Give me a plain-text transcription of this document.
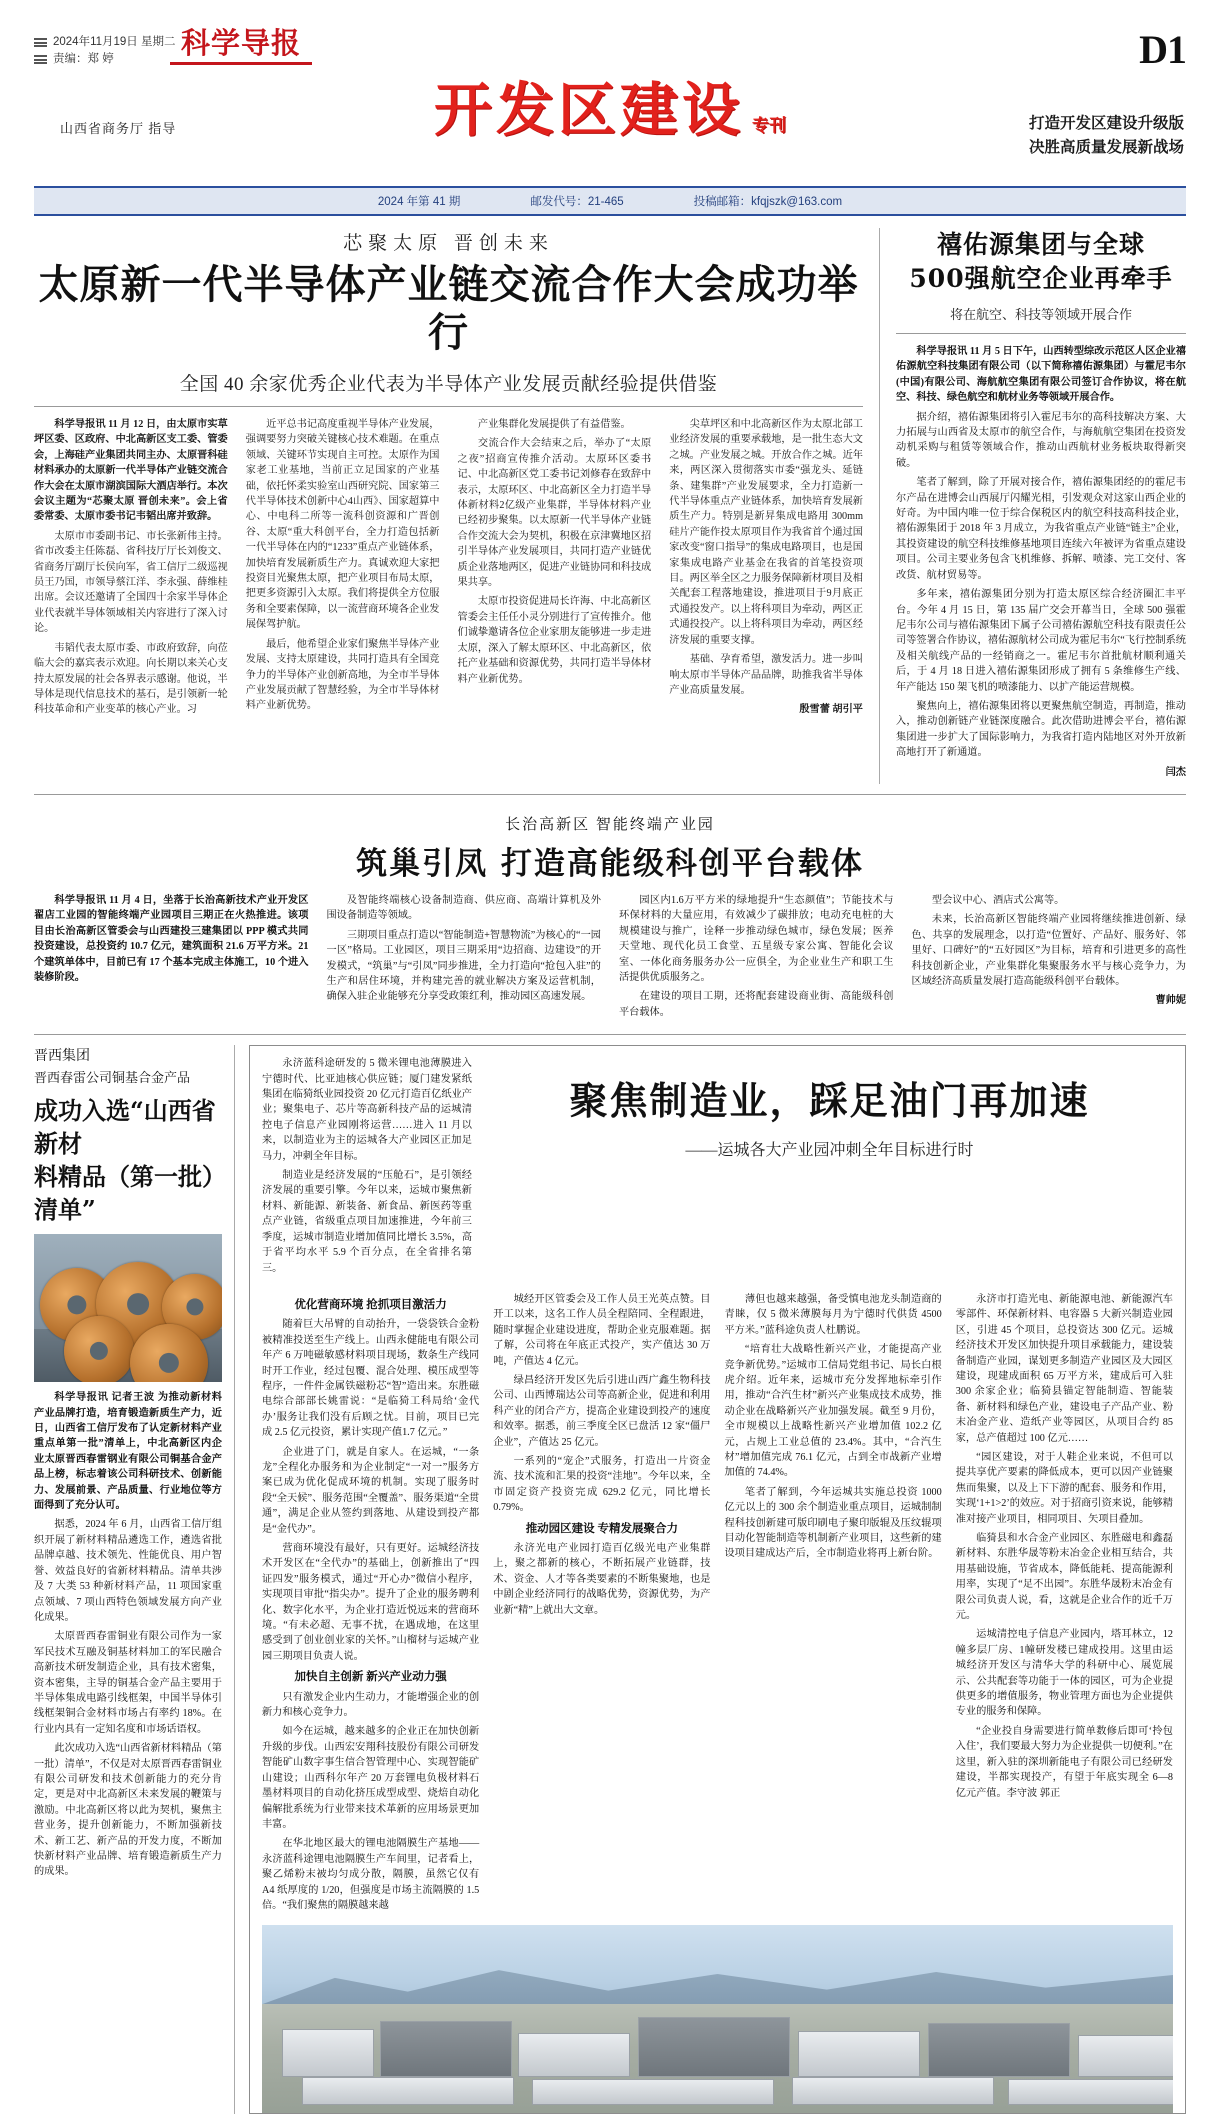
2024年11月19日 星期二
责编：郑 婷	科学导报	D1
开发区建设 专刊
山西省商务厅 指导	打造开发区建设升级版
决胜高质量发展新战场
2024 年第 41 期	邮发代号：21-465	投稿邮箱：kfqjszk@163.com
芯聚太原 晋创未来
太原新一代半导体产业链交流合作大会成功举行
全国 40 余家优秀企业代表为半导体产业发展贡献经验提供借鉴

科学导报讯 11 月 12 日，由太原市实草坪区委、区政府、中北高新区支工委、管委会，上海硅产业集团共同主办、太原晋科硅材料承办的太原新一代半导体产业链交流合作大会在太原市湖滨国际大酒店举行。本次会议主题为“芯聚太原 晋创未来”。会上省委常委、太原市委书记韦韬出席并致辞。

太原市市委副书记、市长张新伟主持。省市改委主任陈磊、省科技厅厅长刘俊文、省商务厅副厅长侯向军，省工信厅二级巡视员王乃国，市领导蔡江洋、李永强、薛维桂出席。会议还邀请了全国四十余家半导体企业代表就半导体领域相关内容进行了深入讨论。

韦韬代表太原市委、市政府致辞，向莅临大会的嘉宾表示欢迎。向长期以来关心支持太原发展的社会各界表示感谢。他说，半导体是现代信息技术的基石，是引领新一轮科技革命和产业变革的核心产业。习

近平总书记高度重视半导体产业发展，强调要努力突破关键核心技术难题。在重点领域、关键环节实现自主可控。太原作为国家老工业基地，当前正立足国家的产业基础，依托怀柔实验室山西研究院、国家第三代半导体技术创新中心4山西》、国家超算中心、中电科二所等一流科创资源和广晋创谷、太原“重大科创平台，全力打造包括新一代半导体在内的“1233”重点产业链体系，加快培育发展新质生产力。真诚欢迎大家把投资目光聚焦太原，把产业项目布局太原，把更多资源引入太原。我们将提供全方位服务和全要素保障，以一流营商环境各企业发展保驾护航。

最后，他希望企业家们聚焦半导体产业发展、支持太原建设，共同打造具有全国竞争力的半导体产业创新高地，为全市半导体产业发展贡献了智慧经验，为全市半导体材料产业新优势。

产业集群化发展提供了有益借鉴。

交流合作大会结束之后，举办了“太原之夜”招商宣传推介活动。太原环区委书记、中北高新区党工委书记刘修春在致辞中表示，太原环区、中北高新区全力打造半导体新材料2亿级产业集群，半导体材料产业已经初步聚集。以太原新一代半导体产业链合作交流大会为契机，积极在京津冀地区招引半导体产业发展项目，共同打造产业链优质企业落地两区，促进产业链协同和科技成果共享。

太原市投资促进局长许海、中北高新区管委会主任任小灵分别进行了宣传推介。他们诚挚邀请各位企业家朋友能够进一步走进太原，深入了解太原环区、中北高新区，依托产业基础和资源优势，共同打造半导体材料产业新优势。

尖草坪区和中北高新区作为太原北部工业经济发展的重要承载地，是一批生态大文之城。产业发展之城。开放合作之城。近年来，两区深入贯彻落实市委“强龙头、延链条、建集群”产业发展要求，全力打造新一代半导体重点产业链体系，加快培育发展新质生产力。特别是新昇集成电路用 300mm 硅片产能作投太原项目作为我省首个通过国家改变“窗口指导”的集成电路项目，也是国家集成电路产业基金在我省的首笔投资项目。两区举全区之力服务保障新材项目及相关配套工程落地建设，推进项目于9月底正式通投发产。以上将科项目为牵动，两区正式通投投产。以上将科项目为牵动，两区经济发展的重要支撑。

基础、孕育希望，激发活力。进一步叫响太原市半导体产品品牌，助推我省半导体产业高质量发展。

殷雪蕾 胡引平

禧佑源集团与全球
500强航空企业再牵手
将在航空、科技等领域开展合作

科学导报讯 11 月 5 日下午，山西转型综改示范区人区企业禧佑源航空科技集团有限公司（以下简称禧佑源集团）与霍尼韦尔(中国)有限公司、海航航空集团有限公司签订合作协议，将在航空、科技、绿色航空和航材业务等领域开展合作。

据介绍，禧佑源集团将引入霍尼韦尔的高科技解决方案、大力拓展与山西省及太原市的航空合作，与海航航空集团在投资发动机采购与租赁等领域合作，推动山西航材业务板块取得新突破。

笔者了解到，除了开展对接合作，禧佑源集团经的的霍尼韦尔产品在进博会山西展厅闪耀光相，引发观众对这家山西企业的好奇。为中国内唯一位于综合保税区内的航空科技高科技企业，禧佑源集团于 2018 年 3 月成立，为我省重点产业链“链主”企业，其投资建设的航空科技维修基地项目连续六年被评为省重点建设项目。公司主要业务包含飞机维修、拆解、喷漆、完工交付、客改货、航材贸易等。

多年来，禧佑源集团分别为打造太原区综合经济圈汇丰平台。今年 4 月 15 日，第 135 届广交会开幕当日，全球 500 强霍尼韦尔公司与禧佑源集团下属子公司禧佑源航空科技有限责任公司等签署合作协议，禧佑源航材公司成为霍尼韦尔“飞行控制系统及相关航线产品的一经销商之一。霍尼韦尔首批航材顺利通关后，于 4 月 18 日进入禧佑源集团形成了拥有 5 条维修生产线、年产能达 150 架飞机的喷漆能力、以扩产能运营规模。

聚焦向上，禧佑源集团将以更聚焦航空制造，再制造，推动入，推动创新链产业链深度融合。此次借助进博会平台，禧佑源集团进一步扩大了国际影响力，为我省打造内陆地区对外开放新高地打开了新通道。

闫杰

长治高新区 智能终端产业园
筑巢引凤 打造高能级科创平台载体

科学导报讯 11 月 4 日，坐落于长治高新技术产业开发区翟店工业园的智能终端产业园项目三期正在火热推进。该项目由长治高新区管委会与山西建投三建集团以 PPP 模式共同投资建设，总投资约 10.7 亿元，建筑面积 21.6 万平方米。21 个建筑单体中，目前已有 17 个基本完成主体施工，10 个进入装修阶段。

及智能终端核心设备制造商、供应商、高端计算机及外围设备制造等领域。

三期项目重点打造以“智能制造+智慧物流”为核心的“一园一区”格局。工业园区，项目三期采用“边招商、边建设”的开发模式，“筑巢”与“引凤”同步推进，全力打造向“抢包入驻”的生产和居住环境，并构建完善的就业解决方案及运营机制，确保入驻企业能够充分享受政策红利，推动园区高速发展。

园区内1.6万平方米的绿地提升“生态颜值”；节能技术与环保材料的大量应用，有效减少了碳排放；电动充电桩的大规模建设与推广，诠释一步推动绿色城市，绿色发展；医养天堂地、现代化员工食堂、五星级专家公寓、智能化会议室、一体化商务服务办公一应俱全，为企业业生产和职工生活提供优质服务之。

在建设的项目工期，还将配套建设商业街、高能级科创平台载体。

型会议中心、酒店式公寓等。

未来，长治高新区智能终端产业园将继续推进创新、绿色、共享的发展理念，以打造“位置好、产品好、服务好、邻里好、口碑好”的“五好园区”为目标，培育和引进更多的高性科技创新企业，产业集群化集聚服务水平与核心竞争力，为区域经济高质量发展打造高能级科创平台载体。

曹帅妮

晋西集团
晋西春雷公司铜基合金产品
成功入选“山西省新材
料精品（第一批）清单”

科学导报讯 记者王波 为推动新材料产业品牌打造，培育锻造新质生产力，近日，山西省工信厅发布了认定新材料产业重点单第一批”清单上，中北高新区内企业太原晋西春雷钢业有限公司铜基合金产品上榜，标志着该公司科研技术、创新能力、发展前景、产品质量、行业地位等方面得到了充分认可。

据悉，2024 年 6 月，山西省工信厅组织开展了新材料精品遴选工作，遴选省批品牌卓越、技术领先、性能优良、用户智誉、效益良好的省新材料精品。清单共涉及 7 大类 53 种新材料产品，11 项国家重点领域、7 项山西特色领域发展方向产业化成果。

太原晋西春雷铜业有限公司作为一家军民技术互融及铜基材料加工的军民融合高新技术研发制造企业，具有技术密集，资本密集，主导的铜基合金产品主要用于半导体集成电路引线框架，中国半导体引线框架铜合金材料市场占有率约 18%。在行业内具有一定知名度和市场话语权。

此次成功入选“山西省新材料精品（第一批）清单”，不仅是对太原晋西春雷铜业有限公司研发和技术创新能力的充分肯定，更是对中北高新区未来发展的鞭策与激励。中北高新区将以此为契机，聚焦主营业务，提升创新能力，不断加强新技术、新工艺、新产品的开发力度，不断加快新材料产业品牌、培育锻造新质生产力的成果。

永济蓝科途研发的 5 微米锂电池薄膜进入宁德时代、比亚迪核心供应链；厦门建发紧纸集团在临猗纸业园投资 20 亿元打造百亿纸业产业；聚集电子、芯片等高新科技产品的运城清控电子信息产业园刚将运营……进入 11 月以来，以制造业为主的运城各大产业园区正加足马力，冲刺全年目标。

制造业是经济发展的“压舱石”，是引领经济发展的重要引擎。今年以来，运城市聚焦新材料、新能源、新装备、新食品、新医药等重点产业链，省级重点项目加速推进，今年前三季度，运城市制造业增加值同比增长 3.5%，高于省平均水平 5.9 个百分点，在全省排名第三。

聚焦制造业，踩足油门再加速
——运城各大产业园冲刺全年目标进行时
优化营商环境 抢抓项目激活力

随着巨大吊臂的自动抬升，一袋袋铁合金粉被精准投送至生产线上。山西永健能电有限公司年产 6 万吨磁敏感材料项目现场，数条生产线同时开工作业，经过包覆、混合处理、模压成型等程序，一件件金属铁磁粉芯“智”造出来。东胜磁电综合部部长姚雷说：“是临猗工科局给‘金代办’服务让我们没有后顾之忧。目前，项目已完成 2.5 亿元投资，累计实现产值1.7 亿元。”

企业进了门，就是自家人。在运城，“一条龙”全程化办服务和为企业制定“一对一”服务方案已成为优化促成环境的机制。实现了服务时段“全天候”、服务范围“全覆盖”、服务渠道“全贯通”，满足企业从签约到落地、从建设到投产都是“金代办”。

营商环境没有最好，只有更好。运城经济技术开发区在“全代办”的基础上，创新推出了“四证四发”服务模式，通过“开心办”微信小程序，实现项目审批“指尖办”。提升了企业的服务聘利化、数字化水平，为企业打造近悦远来的营商环境。“有未必超、无事不扰，在遇成地，在这里感受到了创业创业家的关怀。”山榴材与运城产业园三期项目负责人说。

加快自主创新 新兴产业动力强

只有激发企业内生动力，才能增强企业的创新力和核心竞争力。

如今在运城，越来越多的企业正在加快创新升级的步伐。山西宏安翔科技股份有限公司研发智能矿山数字事生信合智管理中心、实现智能矿山建设；山西科尔年产 20 万套锂电负极材料石墨材料项目的自动化挤压成型成型、烧焙自动化偏解批系统为行业带来技术革新的应用场景更加丰富。

在华北地区最大的锂电池隔膜生产基地——永济蓝科途锂电池隔膜生产车间里，记者看上，聚乙烯粉末被均匀成分散，隔膜，虽然它仅有 A4 纸厚度的 1/20，但强度是市场主流隔膜的 1.5 倍。“我们聚焦的隔膜越来越

城经开区管委会及工作人员王光英点赞。目开工以来，这名工作人员全程陪同、全程跟进，随时掌握企业建设进度，帮助企业克服难题。据了解，公司将在年底正式投产，实产值达 30 万吨，产值达 4 亿元。

绿昌经济开发区先后引进山西广鑫生物科技公司、山西博瑞达公司等高新企业，促进和利用科产业的闭合产方，提高企业建设到投产的速度和效率。据悉，前三季度全区已盘活 12 家“僵尸企业”，产值达 25 亿元。

一系列的“宠企”式服务，打造出一片资金流、技术流和汇果的投资“洼地”。今年以来，全市固定资产投资完成 629.2 亿元，同比增长0.79%。

推动园区建设 专精发展聚合力

永济光电产业园打造百亿级光电产业集群上，聚之都新的核心，不断拓展产业链群，技术、资金、人才等各类要素的不断集聚地，也是中剧企业经济同行的战略优势，资源优势，为产业新“精”上就出大文章。

薄但也越来越强，备受慎电池龙头制造商的青睐，仅 5 微米薄膜每月为宁德时代供货 4500 平方米。”蓝科途负责人杜鹏说。

“培育壮大战略性新兴产业，才能提高产业竞争新优势。”运城市工信局党组书记、局长白根虎介绍。近年来，运城市充分发挥地标牵引作用，推动“合汽生材”新兴产业集成技术成势，推动企业在战略新兴产业加强发展。截至 9 月份，全市规模以上战略性新兴产业增加值 102.2 亿元，占规上工业总值的 23.4%。其中，“合汽生材”增加值完成 76.1 亿元，占到全市战新产业增加值的 74.4%。

笔者了解到，今年运城共实施总投资 1000 亿元以上的 300 余个制造业重点项目，运城制制程科技创新建可版印刷电子聚印版辊及压纹辊项目动化智能制造等机制新产业项目，这些新的建设项目建成达产后，全市制造业将再上新台阶。

永济市打造光电、新能源电池、新能源汽车零部件、环保新材料、电容器 5 大新兴制造业园区，引进 45 个项目，总投资达 300 亿元。运城经济技术开发区加快提升项目承载能力，建设装备制造产业园，谋划更多制造产业园区及大园区建设，现建成面积 65 万平方米，建成后可入驻 300 余家企业；临猗县锚定智能制造、智能装备、新材料和绿色产业，建设电子产品产业、粉末冶金产业、造纸产业等园区，从项目合约 85 家，总产值超过 100 亿元……

“园区建设，对于人鞋企业来说，不但可以提共享优产要素的降低成本，更可以因产业链聚焦而集聚，以及上下下游的配套、服务和作用，实现‘1+1>2’的效应。对于招商引资来说，能够精准对接产业项目，相同项目、矢项目叠加。

临猗县和水合金产业园区、东胜磁电和鑫磊新材料、东胜华晟等粉末冶金企业相互结合，共用基础设施，节省成本，降低能耗、提高能源利用率，实现了“足不出园”。东胜华晟粉末冶金有限公司负责人说，看，这就是企业合作的近千万元。

运城清控电子信息产业园内，塔耳林立，12 幢多层厂房、1幢研发楼已建成投用。这里由运城经济开发区与清华大学的科研中心、展览展示、公共配套等功能于一体的园区，可为企业提供更多的增值服务，物业管理方面也为企业提供专业的服务和保障。

“企业投自身需要进行简单数修后即可‘拎包入住’，我们要最大努力为企业提供一切便利。”在这里，新入驻的深圳新能电子有限公司已经研发建设，半都实现投产，有望于年底实现全 6—8 亿元产值。李守波 郭正
